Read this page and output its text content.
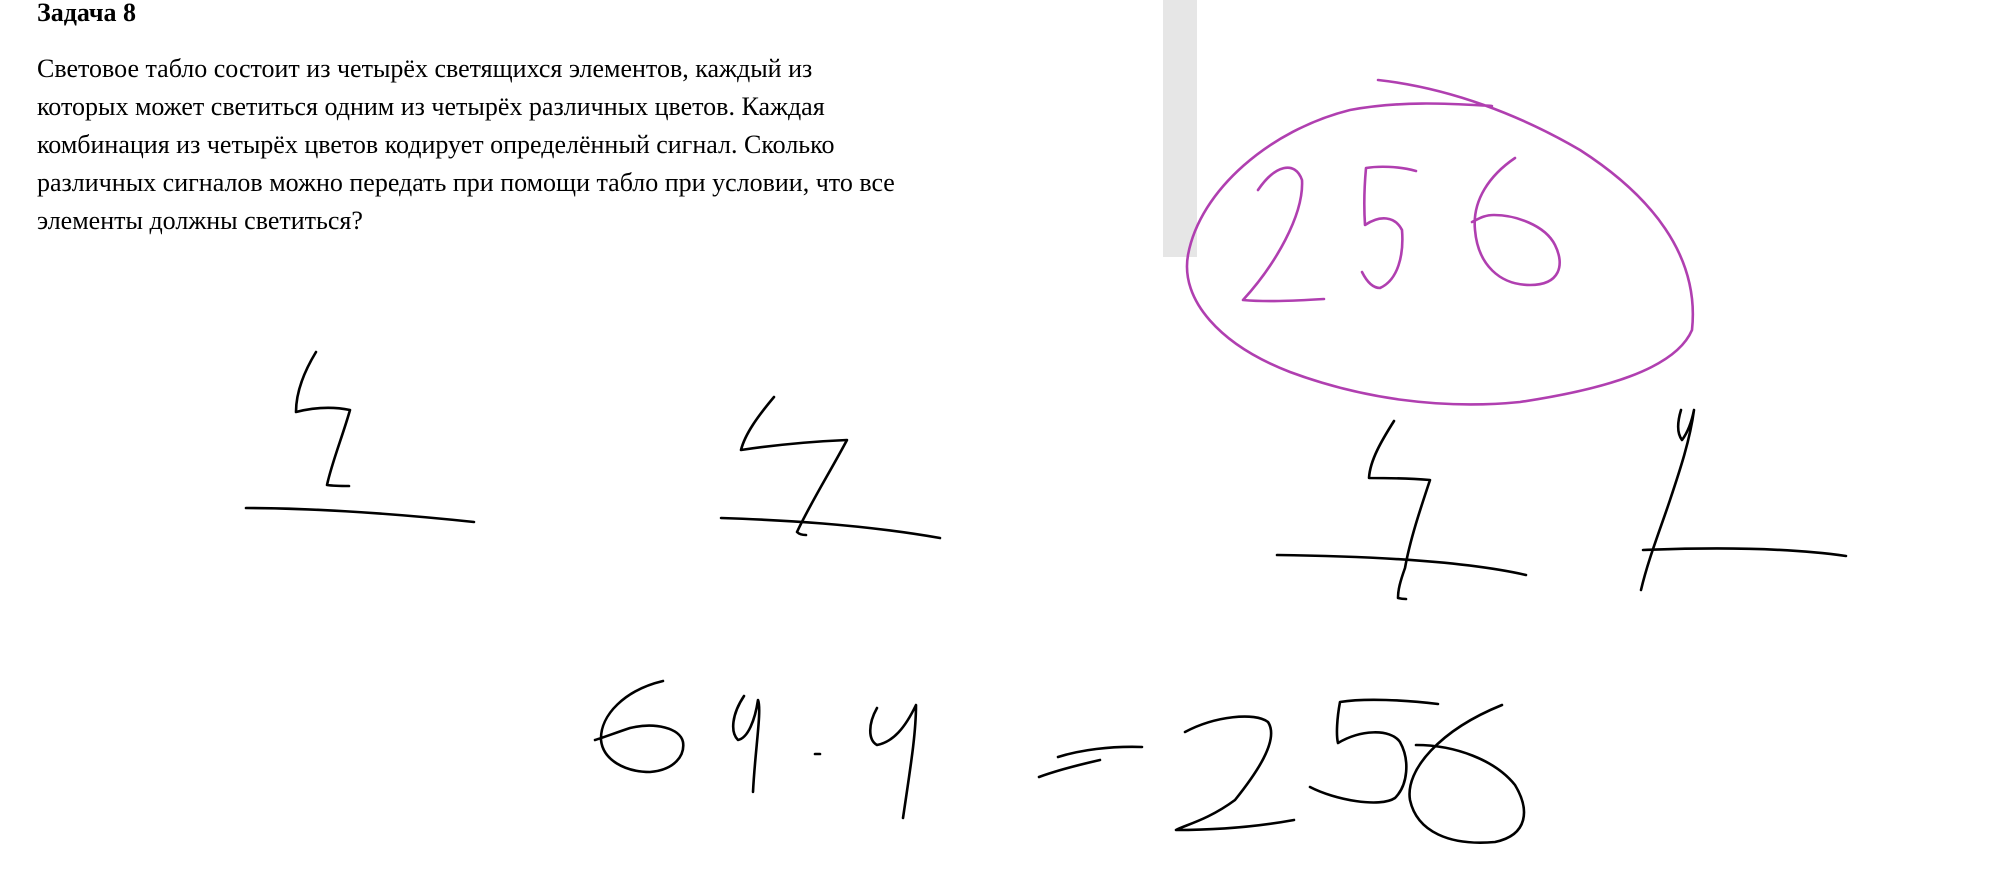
Задача 8

Световое табло состоит из четырёх светящихся элементов, каждый из
которых может светиться одним из четырёх различных цветов. Каждая
комбинация из четырёх цветов кодирует определённый сигнал. Сколько
различных сигналов можно передать при помощи табло при условии, что все
элементы должны светиться?
